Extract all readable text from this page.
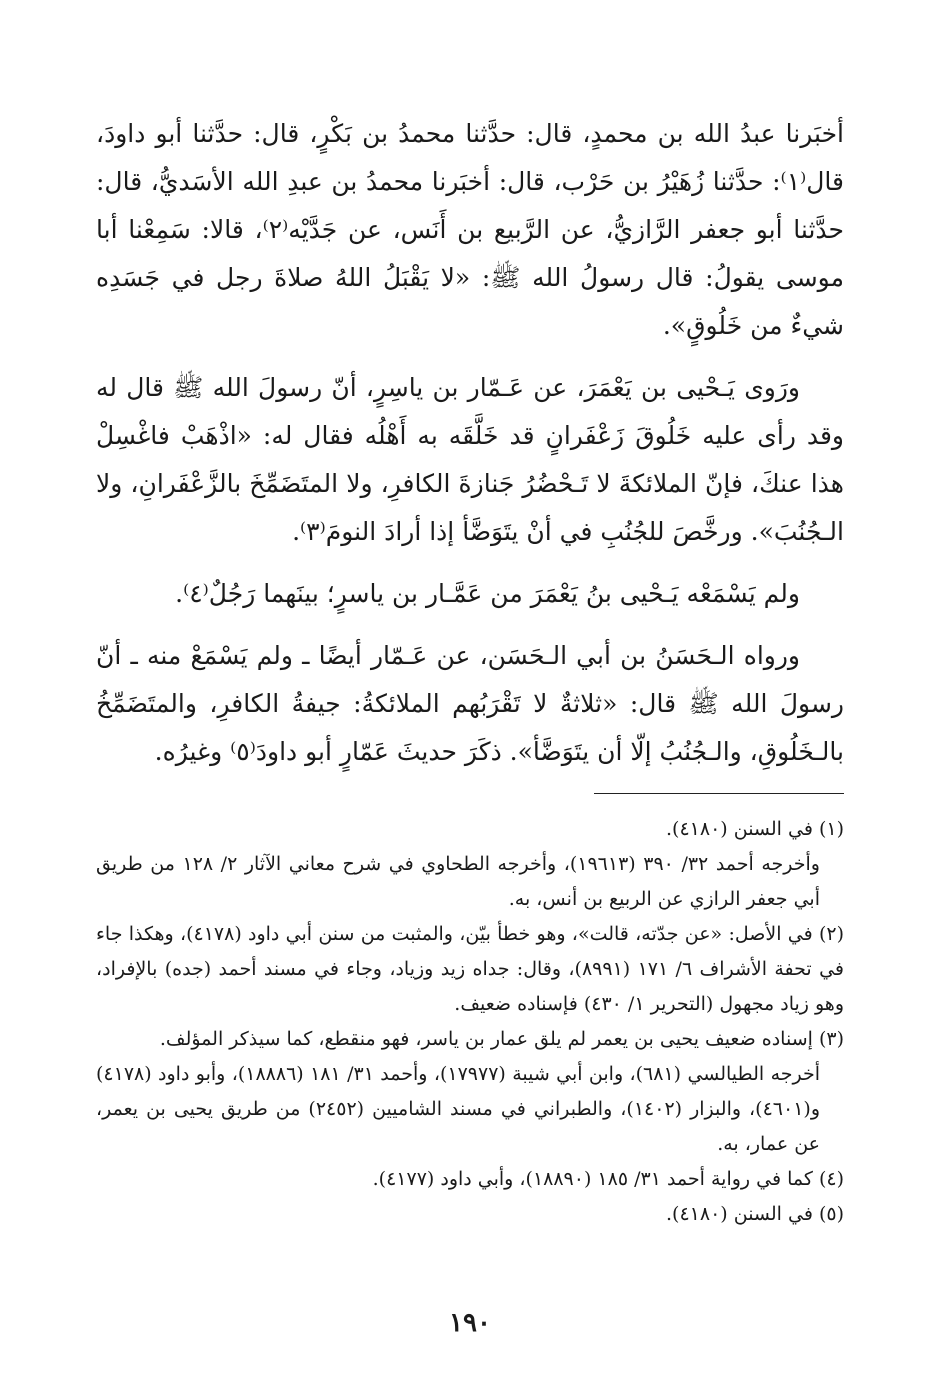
أخبَرنا عبدُ الله بن محمدٍ، قال: حدَّثنا محمدُ بن بَكْرٍ، قال: حدَّثنا أبو داودَ، قال⁽١⁾: حدَّثنا زُهَيْرُ بن حَرْب، قال: أخبَرنا محمدُ بن عبدِ الله الأسَديُّ، قال: حدَّثنا أبو جعفر الرَّازيُّ، عن الرَّبيع بن أَنَس، عن جَدَّيْه⁽٢⁾، قالا: سَمِعْنا أبا موسى يقولُ: قال رسولُ الله ﷺ: «لا يَقْبَلُ اللهُ صلاةَ رجل في جَسَدِه شيءٌ من خَلُوقٍ».

ورَوى يَـحْيى بن يَعْمَرَ، عن عَـمّار بن ياسِرٍ، أنّ رسولَ الله ﷺ قال له وقد رأى عليه خَلُوقَ زَعْفَرانٍ قد خَلَّقَه به أَهْلُه فقال له: «اذْهَبْ فاغْسِلْ هذا عنكَ، فإنّ الملائكةَ لا تَـحْضُرُ جَنازةَ الكافرِ، ولا المتَضَمِّخَ بالزَّعْفَرانِ، ولا الـجُنُبَ». ورخَّصَ للجُنُبِ في أنْ يتَوَضَّأ إذا أرادَ النومَ⁽٣⁾.

ولم يَسْمَعْه يَـحْيى بنُ يَعْمَرَ من عَمَّـار بن ياسرٍ؛ بينَهما رَجُلٌ⁽٤⁾.

ورواه الـحَسَنُ بن أبي الـحَسَن، عن عَـمّار أيضًا ـ ولم يَسْمَعْ منه ـ أنّ رسولَ الله ﷺ قال: «ثلاثةٌ لا تَقْرَبُهم الملائكةُ: جيفةُ الكافرِ، والمتَضَمِّخُ بالـخَلُوقِ، والـجُنُبُ إلّا أن يتَوَضَّأ». ذكَرَ حديثَ عَمّارٍ أبو داودَ⁽٥⁾ وغيرُه.

(١) في السنن (٤١٨٠).

وأخرجه أحمد ٣٢/ ٣٩٠ (١٩٦١٣)، وأخرجه الطحاوي في شرح معاني الآثار ٢/ ١٢٨ من طريق أبي جعفر الرازي عن الربيع بن أنس، به.

(٢) في الأصل: «عن جدّته، قالت»، وهو خطأ بيّن، والمثبت من سنن أبي داود (٤١٧٨)، وهكذا جاء في تحفة الأشراف ٦/ ١٧١ (٨٩٩١)، وقال: جداه زيد وزياد، وجاء في مسند أحمد (جده) بالإفراد، وهو زياد مجهول (التحرير ١/ ٤٣٠) فإسناده ضعيف.

(٣) إسناده ضعيف يحيى بن يعمر لم يلق عمار بن ياسر، فهو منقطع، كما سيذكر المؤلف.

أخرجه الطيالسي (٦٨١)، وابن أبي شيبة (١٧٩٧٧)، وأحمد ٣١/ ١٨١ (١٨٨٨٦)، وأبو داود (٤١٧٨) و(٤٦٠١)، والبزار (١٤٠٢)، والطبراني في مسند الشاميين (٢٤٥٢) من طريق يحيى بن يعمر، عن عمار، به.

(٤) كما في رواية أحمد ٣١/ ١٨٥ (١٨٨٩٠)، وأبي داود (٤١٧٧).

(٥) في السنن (٤١٨٠).

١٩٠
